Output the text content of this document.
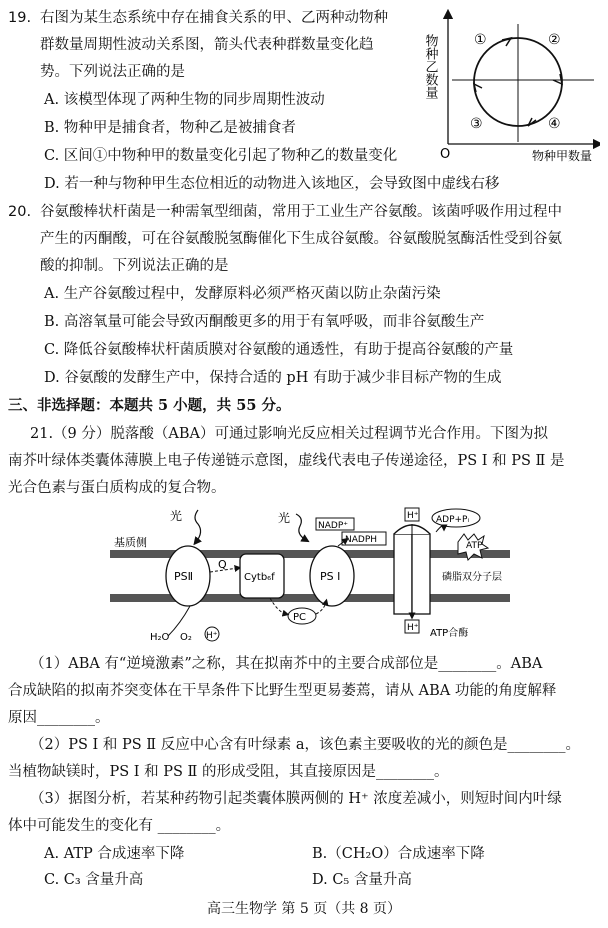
19. 右图为某生态系统中存在捕食关系的甲、乙两种动物种
群数量周期性波动关系图，箭头代表种群数量变化趋
势。下列说法正确的是
A. 该模型体现了两种生物的同步周期性波动
B. 物种甲是捕食者，物种乙是被捕食者
C. 区间①中物种甲的数量变化引起了物种乙的数量变化
D. 若一种与物种甲生态位相近的动物进入该地区，会导致图中虚线右移
物种乙数量
O	物种甲数量
①	②
③	④
20. 谷氨酸棒状杆菌是一种需氧型细菌，常用于工业生产谷氨酸。该菌呼吸作用过程中
产生的丙酮酸，可在谷氨酸脱氢酶催化下生成谷氨酸。谷氨酸脱氢酶活性受到谷氨
酸的抑制。下列说法正确的是
A. 生产谷氨酸过程中，发酵原料必须严格灭菌以防止杂菌污染
B. 高溶氧量可能会导致丙酮酸更多的用于有氧呼吸，而非谷氨酸生产
C. 降低谷氨酸棒状杆菌质膜对谷氨酸的通透性，有助于提高谷氨酸的产量
D. 谷氨酸的发酵生产中，保持合适的 pH 有助于减少非目标产物的生成
三、非选择题：本题共 5 小题，共 55 分。
21.（9 分）脱落酸（ABA）可通过影响光反应相关过程调节光合作用。下图为拟
南芥叶绿体类囊体薄膜上电子传递链示意图，虚线代表电子传递途径，PS Ⅰ 和 PS Ⅱ 是
光合色素与蛋白质构成的复合物。
光	光
基质侧
PSⅡ
Q
Cytb₆f	PS Ⅰ
NADP⁺
NADPH
PC
H₂O O₂ H⁺
H⁺
H⁺ ATP合酶
ADP+Pᵢ
ATP
磷脂双分子层
（1）ABA 有“逆境激素”之称，其在拟南芥中的主要合成部位是________。ABA
合成缺陷的拟南芥突变体在干旱条件下比野生型更易萎蔫，请从 ABA 功能的角度解释
原因________。
（2）PS Ⅰ 和 PS Ⅱ 反应中心含有叶绿素 a，该色素主要吸收的光的颜色是________。
当植物缺镁时，PS Ⅰ 和 PS Ⅱ 的形成受阻，其直接原因是________。
（3）据图分析，若某种药物引起类囊体膜两侧的 H⁺ 浓度差减小，则短时间内叶绿
体中可能发生的变化有 ________。
A. ATP 合成速率下降	B.（CH₂O）合成速率下降
C. C₃ 含量升高	D. C₅ 含量升高
高三生物学 第 5 页（共 8 页）
